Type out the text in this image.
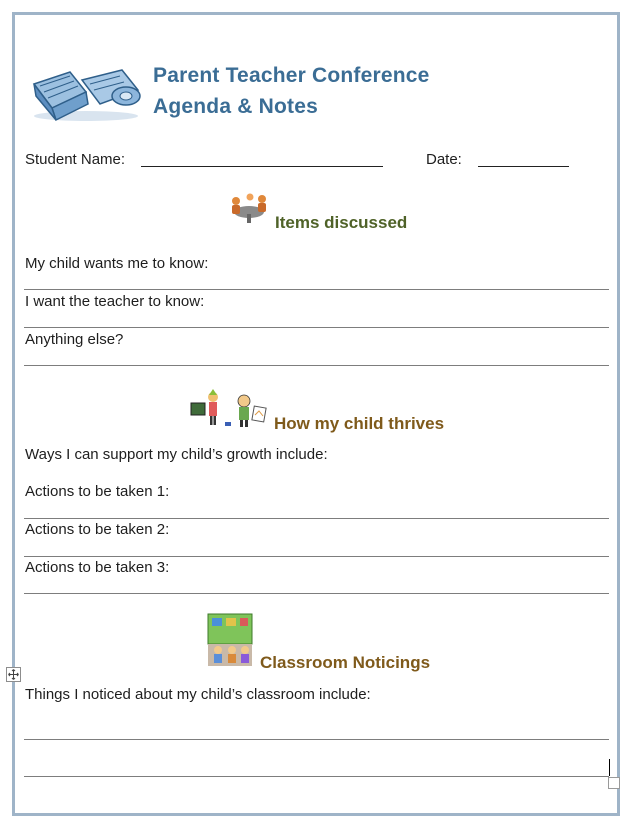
Parent Teacher Conference
Agenda & Notes
Student Name:	Date:
Items discussed
My child wants me to know:
I want the teacher to know:
Anything else?
How my child thrives
Ways I can support my child’s growth include:
Actions to be taken 1:
Actions to be taken 2:
Actions to be taken 3:
Classroom Noticings
Things I noticed about my child’s classroom include:
